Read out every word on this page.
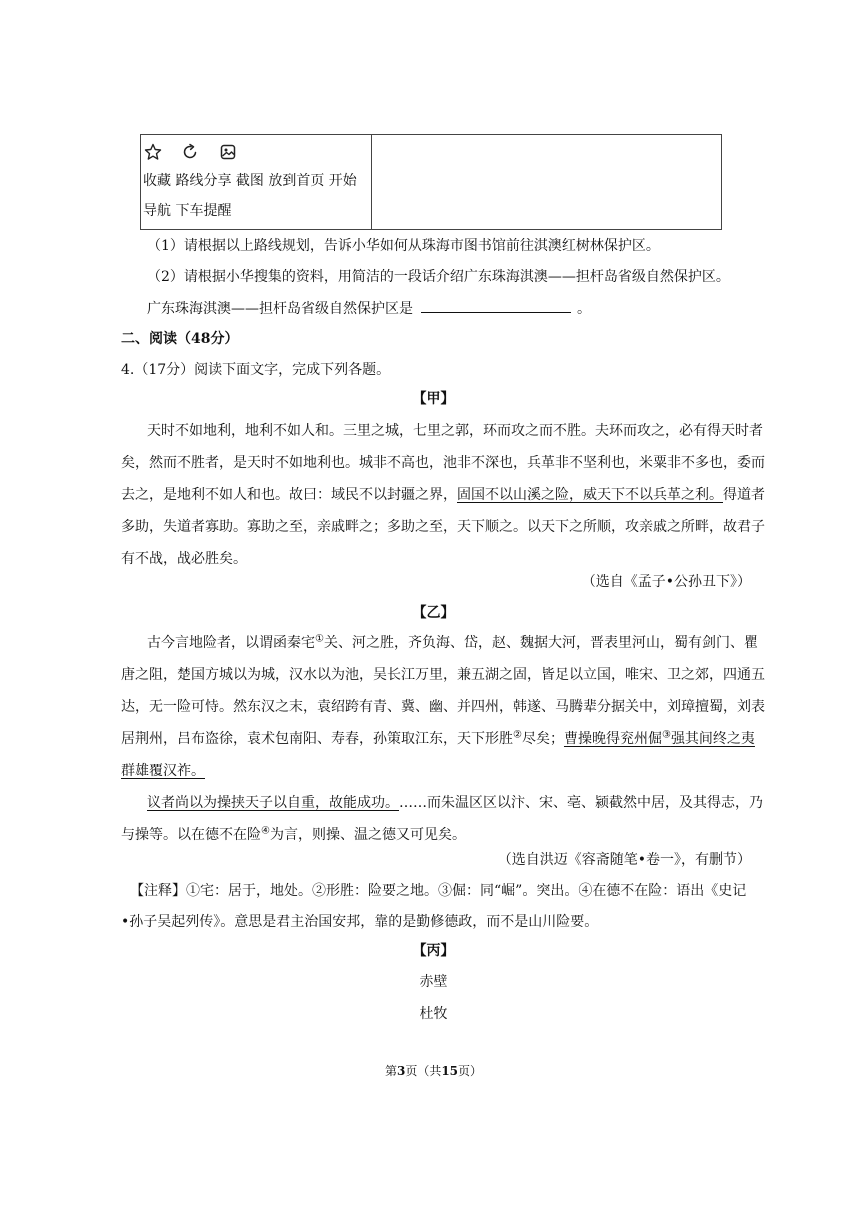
收藏 路线分享 截图 放到首页 开始
导航 下车提醒
（1）请根据以上路线规划，告诉小华如何从珠海市图书馆前往淇澳红树林保护区。
（2）请根据小华搜集的资料，用简洁的一段话介绍广东珠海淇澳——担杆岛省级自然保护区。
广东珠海淇澳——担杆岛省级自然保护区是	。
二、阅读（48分）
4.（17分）阅读下面文字，完成下列各题。
【甲】
天时不如地利，地利不如人和。三里之城，七里之郭，环而攻之而不胜。夫环而攻之，必有得天时者
矣，然而不胜者，是天时不如地利也。城非不高也，池非不深也，兵革非不坚利也，米粟非不多也，委而
去之，是地利不如人和也。故曰：域民不以封疆之界，固国不以山溪之险，威天下不以兵革之利。得道者
多助，失道者寡助。寡助之至，亲戚畔之；多助之至，天下顺之。以天下之所顺，攻亲戚之所畔，故君子
有不战，战必胜矣。
（选自《孟子•公孙丑下》）
【乙】
古今言地险者，以谓函秦宅①关、河之胜，齐负海、岱，赵、魏据大河，晋表里河山，蜀有剑门、瞿
唐之阻，楚国方城以为城，汉水以为池，吴长江万里，兼五湖之固，皆足以立国，唯宋、卫之郊，四通五
达，无一险可恃。然东汉之末，袁绍跨有青、冀、幽、并四州，韩遂、马腾辈分据关中，刘璋擅蜀，刘表
居荆州，吕布盗徐，袁术包南阳、寿春，孙策取江东，天下形胜②尽矣；曹操晚得兖州倔③强其间终之夷
群雄覆汉祚。
议者尚以为操挟天子以自重，故能成功。……而朱温区区以汴、宋、亳、颍截然中居，及其得志，乃
与操等。以在德不在险④为言，则操、温之德又可见矣。
（选自洪迈《容斋随笔•卷一》，有删节）
【注释】①宅：居于，地处。②形胜：险要之地。③倔：同“崛”。突出。④在德不在险：语出《史记
•孙子吴起列传》。意思是君主治国安邦，靠的是勤修德政，而不是山川险要。
【丙】
赤壁
杜牧
第3页（共15页）
